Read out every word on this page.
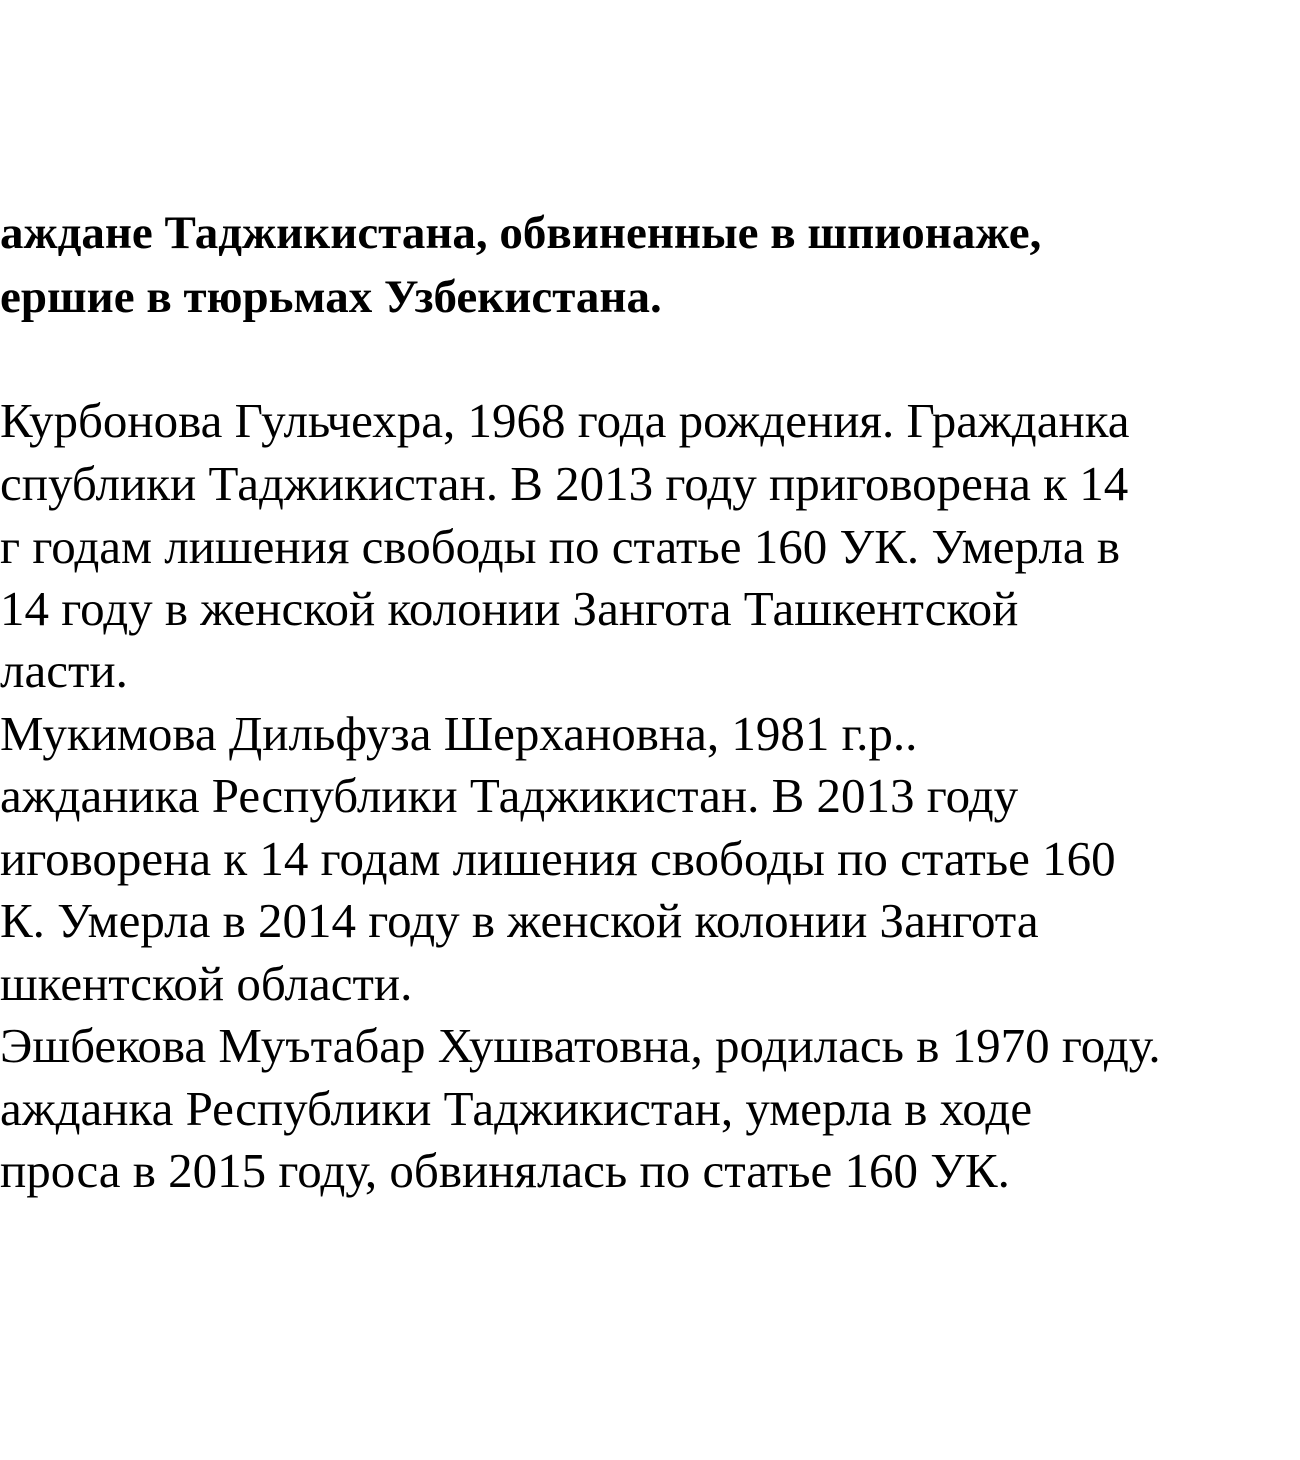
аждане Таджикистана, обвиненные в шпионаже,

ершие в тюрьмах Узбекистана.

Курбонова Гульчехра, 1968 года рождения. Гражданка

спублики Таджикистан. В 2013 году приговорена к 14

г годам лишения свободы по статье 160 УК. Умерла в

14 году в женской колонии Зангота Ташкентской

ласти.

Мукимова Дильфуза Шерхановна, 1981 г.р..

ажданика Республики Таджикистан. В 2013 году

иговорена к 14 годам лишения свободы по статье 160

К. Умерла в 2014 году в женской колонии Зангота

шкентской области.

Эшбекова Муътабар Хушватовна, родилась в 1970 году.

ажданка Республики Таджикистан, умерла в ходе

проса в 2015 году, обвинялась по статье 160 УК.
